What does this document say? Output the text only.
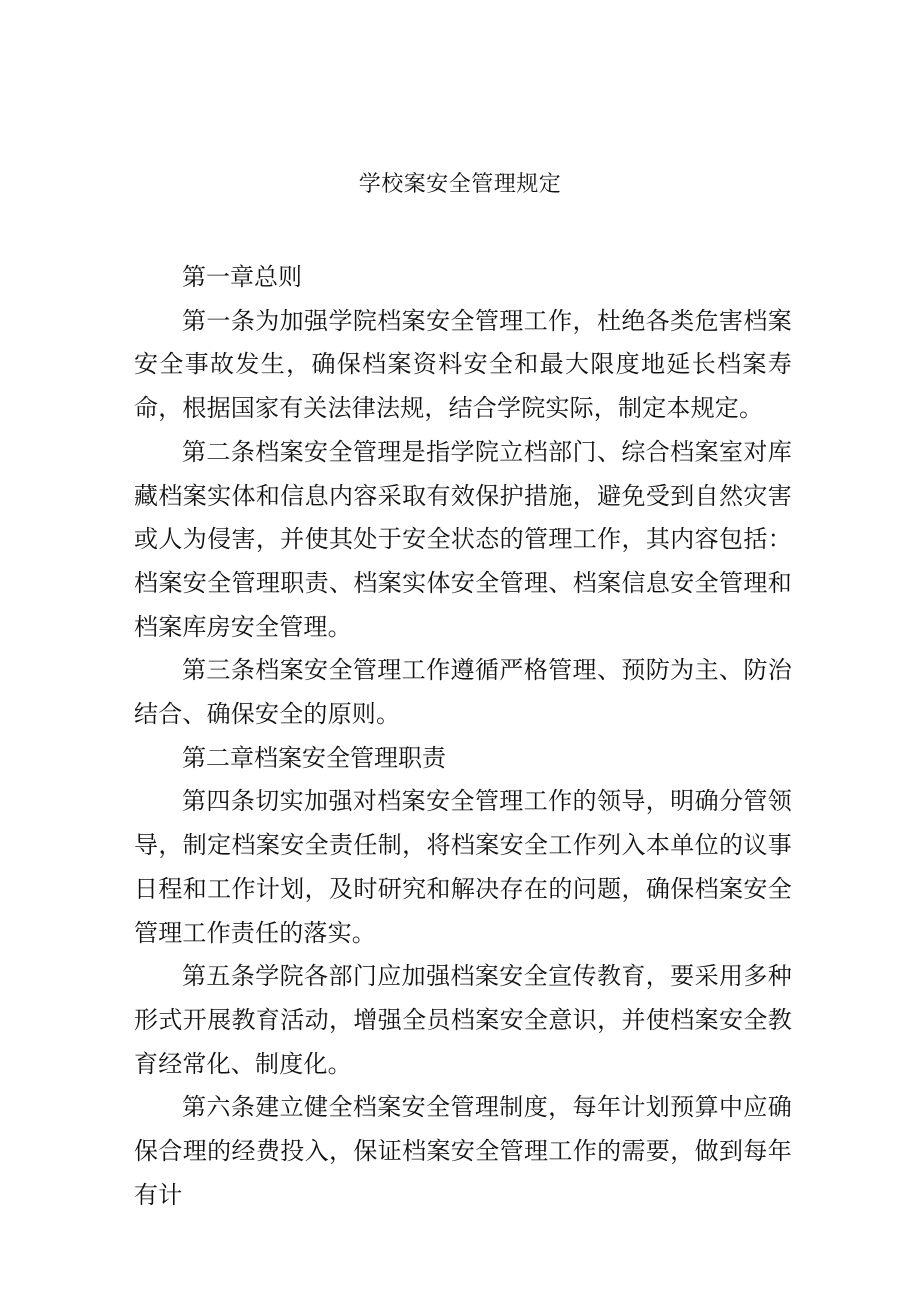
学校案安全管理规定

第一章总则

第一条为加强学院档案安全管理工作，杜绝各类危害档案安全事故发生，确保档案资料安全和最大限度地延长档案寿命，根据国家有关法律法规，结合学院实际，制定本规定。

第二条档案安全管理是指学院立档部门、综合档案室对库藏档案实体和信息内容采取有效保护措施，避免受到自然灾害或人为侵害，并使其处于安全状态的管理工作，其内容包括：档案安全管理职责、档案实体安全管理、档案信息安全管理和档案库房安全管理。

第三条档案安全管理工作遵循严格管理、预防为主、防治结合、确保安全的原则。

第二章档案安全管理职责

第四条切实加强对档案安全管理工作的领导，明确分管领导，制定档案安全责任制，将档案安全工作列入本单位的议事日程和工作计划，及时研究和解决存在的问题，确保档案安全管理工作责任的落实。

第五条学院各部门应加强档案安全宣传教育，要采用多种形式开展教育活动，增强全员档案安全意识，并使档案安全教育经常化、制度化。

第六条建立健全档案安全管理制度，每年计划预算中应确保合理的经费投入，保证档案安全管理工作的需要，做到每年有计
